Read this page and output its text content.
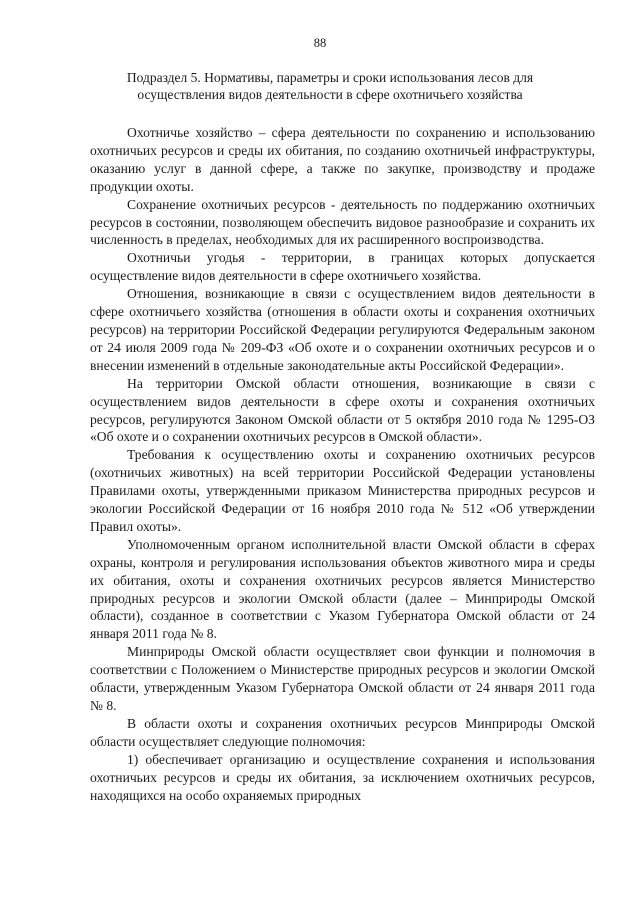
88
Подраздел 5. Нормативы, параметры и сроки использования лесов для осуществления видов деятельности в сфере охотничьего хозяйства

Охотничье хозяйство – сфера деятельности по сохранению и использованию охотничьих ресурсов и среды их обитания, по созданию охотничьей инфраструктуры, оказанию услуг в данной сфере, а также по закупке, производству и продаже продукции охоты.

Сохранение охотничьих ресурсов - деятельность по поддержанию охотничьих ресурсов в состоянии, позволяющем обеспечить видовое разнообразие и сохранить их численность в пределах, необходимых для их расширенного воспроизводства.

Охотничьи угодья - территории, в границах которых допускается осуществление видов деятельности в сфере охотничьего хозяйства.

Отношения, возникающие в связи с осуществлением видов деятельности в сфере охотничьего хозяйства (отношения в области охоты и сохранения охотничьих ресурсов) на территории Российской Федерации регулируются Федеральным законом от 24 июля 2009 года № 209-ФЗ «Об охоте и о сохранении охотничьих ресурсов и о внесении изменений в отдельные законодательные акты Российской Федерации».

На территории Омской области отношения, возникающие в связи с осуществлением видов деятельности в сфере охоты и сохранения охотничьих ресурсов, регулируются Законом Омской области от 5 октября 2010 года № 1295-ОЗ «Об охоте и о сохранении охотничьих ресурсов в Омской области».

Требования к осуществлению охоты и сохранению охотничьих ресурсов (охотничьих животных) на всей территории Российской Федерации установлены Правилами охоты, утвержденными приказом Министерства природных ресурсов и экологии Российской Федерации от 16 ноября 2010 года № 512 «Об утверждении Правил охоты».

Уполномоченным органом исполнительной власти Омской области в сферах охраны, контроля и регулирования использования объектов животного мира и среды их обитания, охоты и сохранения охотничьих ресурсов является Министерство природных ресурсов и экологии Омской области (далее – Минприроды Омской области), созданное в соответствии с Указом Губернатора Омской области от 24 января 2011 года № 8.

Минприроды Омской области осуществляет свои функции и полномочия в соответствии с Положением о Министерстве природных ресурсов и экологии Омской области, утвержденным Указом Губернатора Омской области от 24 января 2011 года № 8.

В области охоты и сохранения охотничьих ресурсов Минприроды Омской области осуществляет следующие полномочия:

1) обеспечивает организацию и осуществление сохранения и использования охотничьих ресурсов и среды их обитания, за исключением охотничьих ресурсов, находящихся на особо охраняемых природных
